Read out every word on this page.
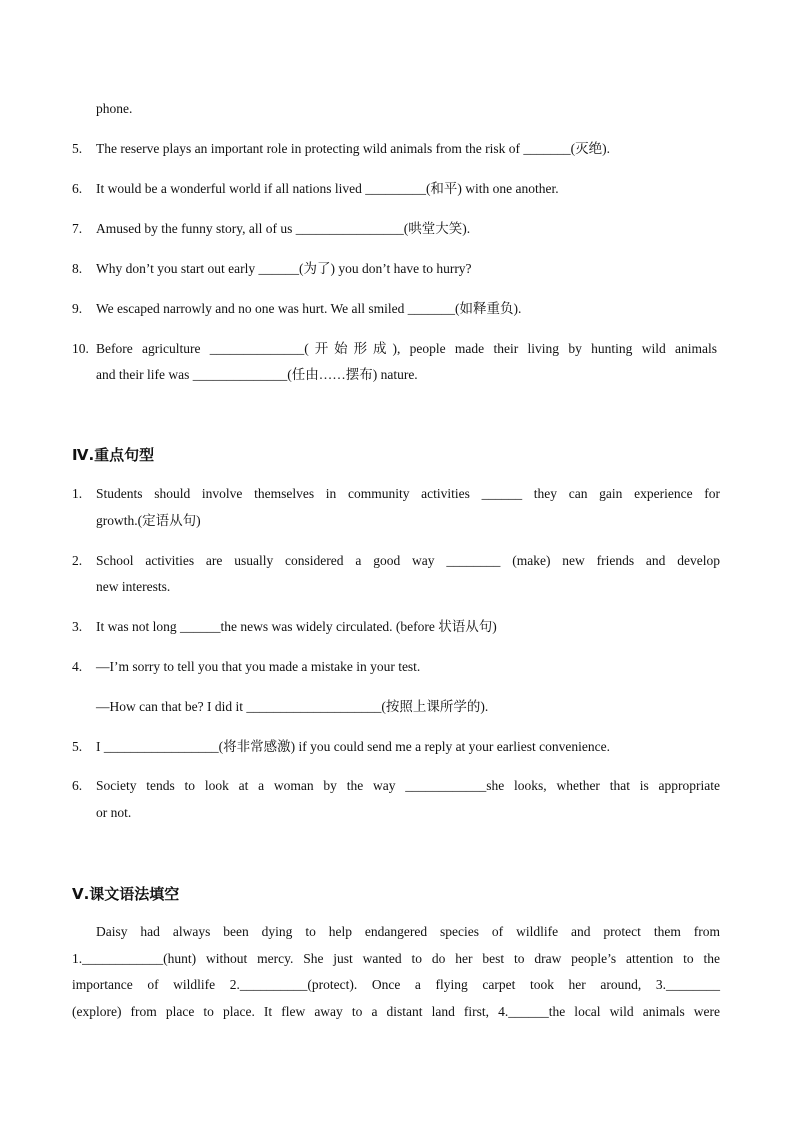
phone.
5. The reserve plays an important role in protecting wild animals from the risk of _______(灭绝).
6. It would be a wonderful world if all nations lived _________(和平) with one another.
7. Amused by the funny story, all of us ________________(哄堂大笑).
8. Why don’t you start out early ______(为了) you don’t have to hurry?
9. We escaped narrowly and no one was hurt. We all smiled _______(如释重负).
10. Before agriculture ______________(开始形成), people made their living by hunting wild animals
and their life was ______________(任由……摆布) nature.
Ⅳ.重点句型
1. Students should involve themselves in community activities ______ they can gain experience for
growth.(定语从句)
2. School activities are usually considered a good way ________ (make) new friends and develop
new interests.
3. It was not long ______the news was widely circulated. (before 状语从句)
4. —I’m sorry to tell you that you made a mistake in your test.
—How can that be? I did it ____________________(按照上课所学的).
5. I _________________(将非常感激) if you could send me a reply at your earliest convenience.
6. Society tends to look at a woman by the way ____________she looks, whether that is appropriate
or not.
Ⅴ.课文语法填空
Daisy had always been dying to help endangered species of wildlife and protect them from
1.____________(hunt) without mercy. She just wanted to do her best to draw people’s attention to the
importance of wildlife 2.__________(protect). Once a flying carpet took her around, 3.________
(explore) from place to place. It flew away to a distant land first, 4.______the local wild animals were
